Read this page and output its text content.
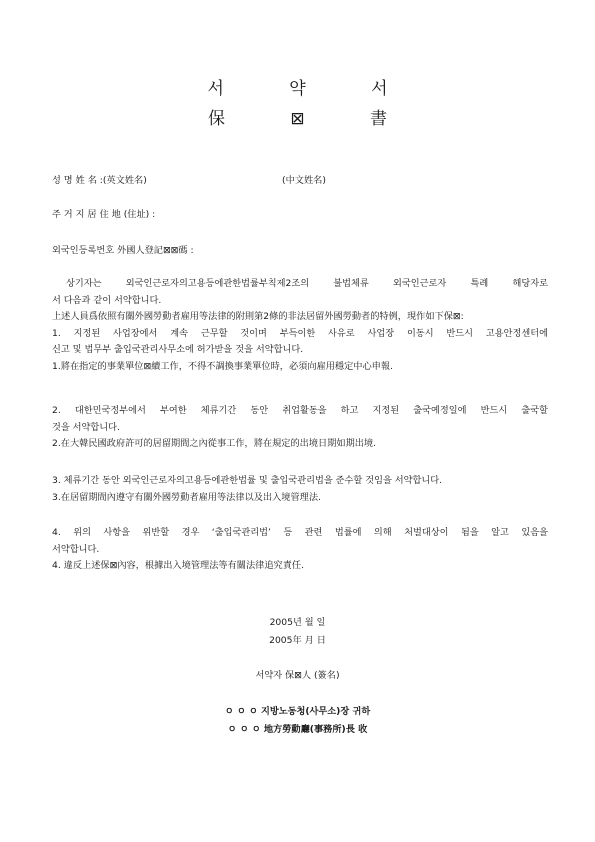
서 약 서
保 ⊠ 書
성 명 姓 名 :(英文姓名)	(中文姓名)
주 거 지 居 住 地 (住址) :
외국인등록번호 外國人登記⊠⊠碼 :
상기자는 외국인근로자의고용등에관한법률부칙제2조의 불법체류 외국인근로자 특례 해당자로
서 다음과 같이 서약합니다.
上述人員爲依照有關外國勞動者雇用等法律的附則第2條的非法居留外國勞動者的特例，現作如下保⊠:
1. 지정된 사업장에서 계속 근무할 것이며 부득이한 사유로 사업장 이동시 반드시 고용안정센터에
신고 및 법무부 출입국관리사무소에 허가받을 것을 서약합니다.
1.將在指定的事業單位⊠續工作，不得不調換事業單位時，必須向雇用穩定中心申報.
2. 대한민국정부에서 부여한 체류기간 동안 취업활동을 하고 지정된 출국예정일에 반드시 출국할
것을 서약합니다.
2.在大韓民國政府許可的居留期間之內從事工作，將在規定的出境日期如期出境.
3. 체류기간 동안 외국인근로자의고용등에관한법률 및 출입국관리법을 준수할 것임을 서약합니다.
3.在居留期間內遵守有關外國勞動者雇用等法律以及出入境管理法.
4. 위의 사항을 위반할 경우 ‘출입국관리법’ 등 관련 법률에 의해 처벌대상이 됨을 알고 있음을
서약합니다.
4. 違反上述保⊠內容，根據出入境管理法等有關法律追究責任.
2005년 월 일
2005年 月 日
서약자 保⊠人 (簽名)
ㅇ ㅇ ㅇ 지방노동청(사무소)장 귀하
ㅇ ㅇ ㅇ 地方勞動廳(事務所)長 收
